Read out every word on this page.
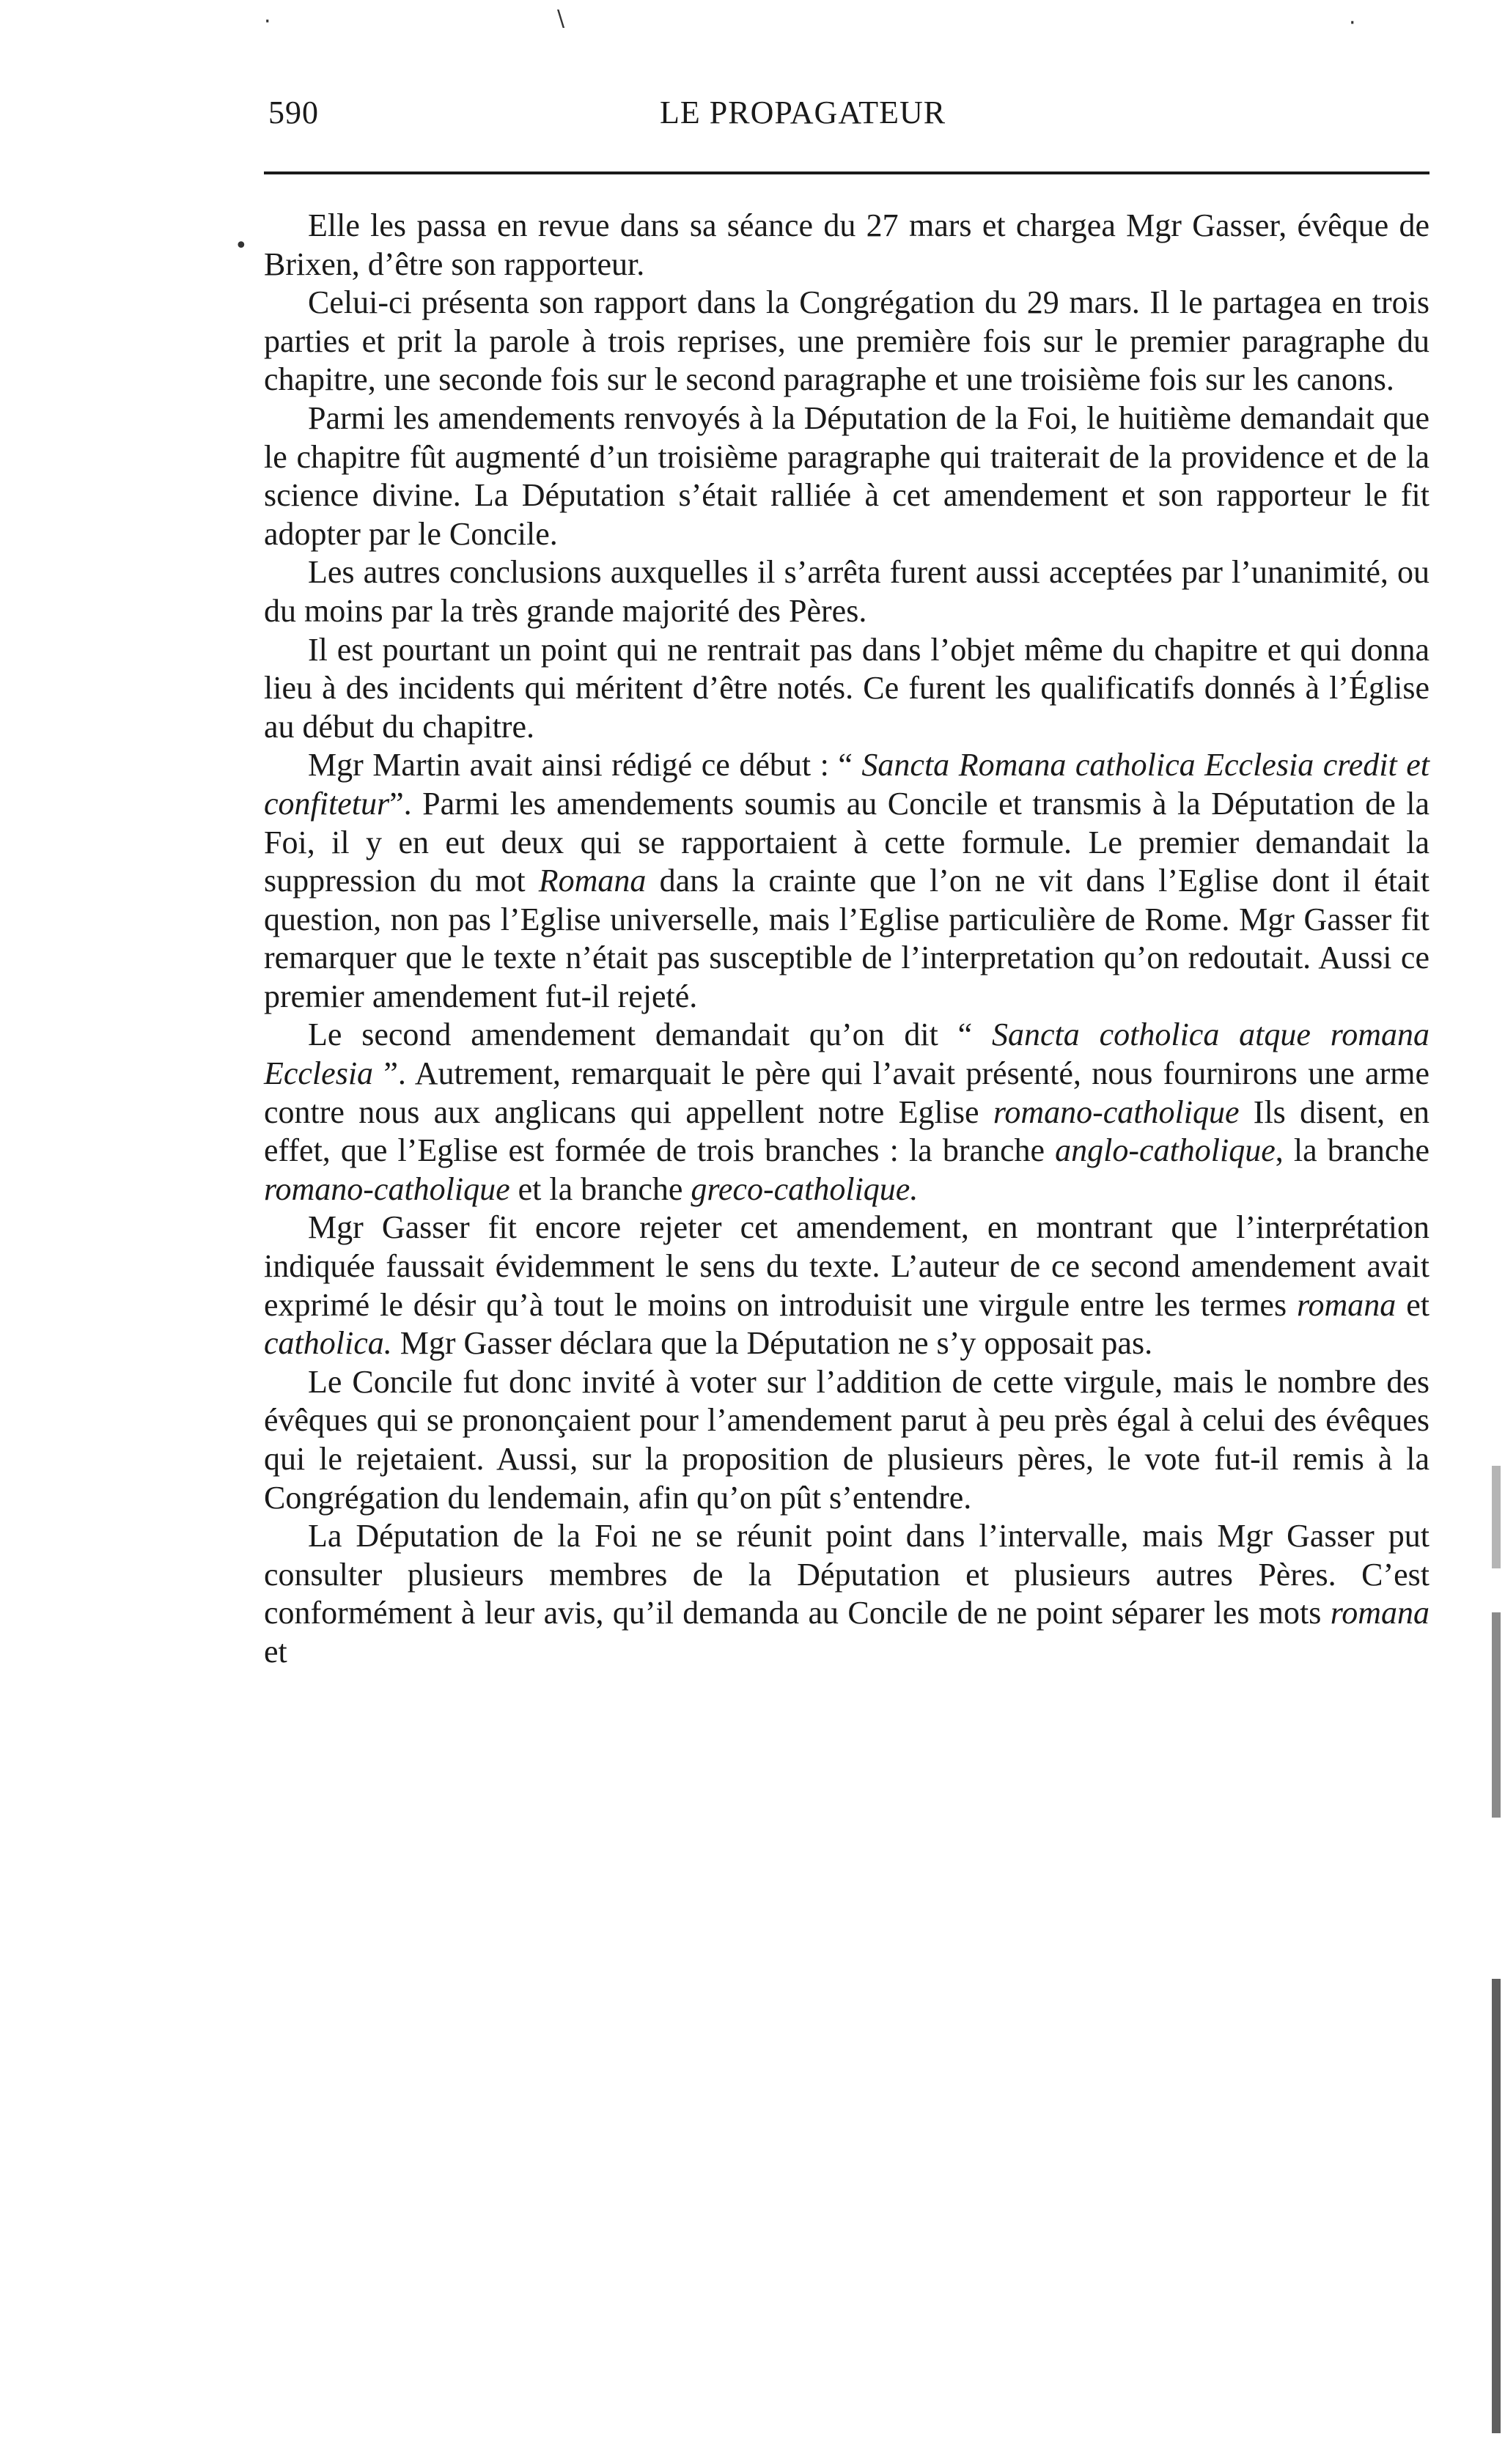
590	LE PROPAGATEUR

Elle les passa en revue dans sa séance du 27 mars et chargea Mgr Gasser, évêque de Brixen, d’être son rapporteur.

Celui-ci présenta son rapport dans la Congrégation du 29 mars. Il le partagea en trois parties et prit la parole à trois reprises, une première fois sur le premier paragraphe du chapitre, une seconde fois sur le second paragraphe et une troisième fois sur les canons.

Parmi les amendements renvoyés à la Députation de la Foi, le huitième demandait que le chapitre fût augmenté d’un troisième paragraphe qui traiterait de la providence et de la science divine. La Députation s’était ralliée à cet amendement et son rapporteur le fit adopter par le Concile.

Les autres conclusions auxquelles il s’arrêta furent aussi acceptées par l’unanimité, ou du moins par la très grande majorité des Pères.

Il est pourtant un point qui ne rentrait pas dans l’objet même du chapitre et qui donna lieu à des incidents qui méritent d’être notés. Ce furent les qualificatifs donnés à l’Église au début du chapitre.

Mgr Martin avait ainsi rédigé ce début : “ Sancta Romana catholica Ecclesia credit et confitetur”. Parmi les amendements soumis au Concile et transmis à la Députation de la Foi, il y en eut deux qui se rapportaient à cette formule. Le premier demandait la suppression du mot Romana dans la crainte que l’on ne vit dans l’Eglise dont il était question, non pas l’Eglise universelle, mais l’Eglise particulière de Rome. Mgr Gasser fit remarquer que le texte n’était pas susceptible de l’interpretation qu’on redoutait. Aussi ce premier amendement fut-il rejeté.

Le second amendement demandait qu’on dit “ Sancta cotholica atque romana Ecclesia ”. Autrement, remarquait le père qui l’avait présenté, nous fournirons une arme contre nous aux anglicans qui appellent notre Eglise romano-catholique Ils disent, en effet, que l’Eglise est formée de trois branches : la branche anglo-catholique, la branche romano-catholique et la branche greco-catholique.

Mgr Gasser fit encore rejeter cet amendement, en montrant que l’interprétation indiquée faussait évidemment le sens du texte. L’auteur de ce second amendement avait exprimé le désir qu’à tout le moins on introduisit une virgule entre les termes romana et catholica. Mgr Gasser déclara que la Députation ne s’y opposait pas.

Le Concile fut donc invité à voter sur l’addition de cette virgule, mais le nombre des évêques qui se prononçaient pour l’amendement parut à peu près égal à celui des évêques qui le rejetaient. Aussi, sur la proposition de plusieurs pères, le vote fut-il remis à la Congrégation du lendemain, afin qu’on pût s’entendre.

La Députation de la Foi ne se réunit point dans l’intervalle, mais Mgr Gasser put consulter plusieurs membres de la Députation et plusieurs autres Pères. C’est conformément à leur avis, qu’il demanda au Concile de ne point séparer les mots romana et

·	\	·
•
